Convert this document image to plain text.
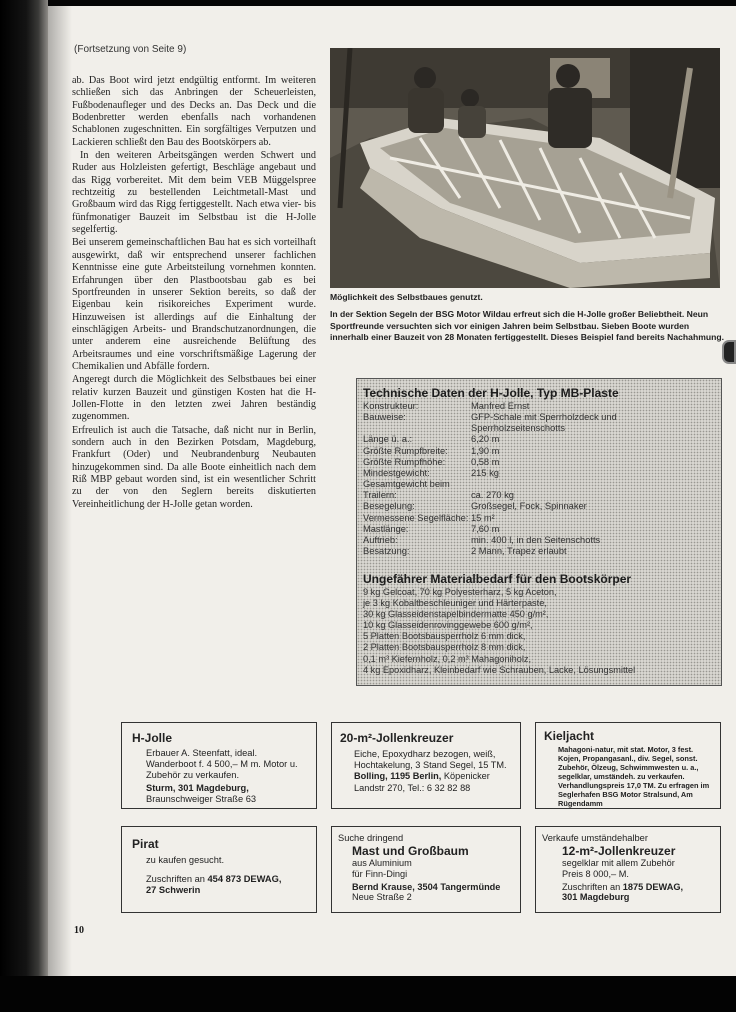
(Fortsetzung von Seite 9)

ab. Das Boot wird jetzt endgültig entformt. Im weiteren schließen sich das Anbringen der Scheuerleisten, Fußbodenaufleger und des Decks an. Das Deck und die Bodenbretter werden ebenfalls nach vorhandenen Schablonen zugeschnitten. Ein sorgfältiges Verputzen und Lackieren schließt den Bau des Bootskörpers ab.

In den weiteren Arbeitsgängen werden Schwert und Ruder aus Holzleisten gefertigt, Beschläge angebaut und das Rigg vorbereitet. Mit dem beim VEB Müggelspree rechtzeitig zu bestellenden Leichtmetall-Mast und Großbaum wird das Rigg fertiggestellt. Nach etwa vier- bis fünfmonatiger Bauzeit im Selbstbau ist die H-Jolle segelfertig.

Bei unserem gemeinschaftlichen Bau hat es sich vorteilhaft ausgewirkt, daß wir entsprechend unserer fachlichen Kenntnisse eine gute Arbeitsteilung vornehmen konnten. Erfahrungen über den Plastbootsbau gab es bei Sportfreunden in unserer Sektion bereits, so daß der Eigenbau kein risikoreiches Experiment wurde. Hinzuweisen ist allerdings auf die Einhaltung der einschlägigen Arbeits- und Brandschutzanordnungen, die unter anderem eine ausreichende Belüftung des Arbeitsraumes und eine vorschriftsmäßige Lagerung der Chemikalien und Abfälle fordern.

Angeregt durch die Möglichkeit des Selbstbaues bei einer relativ kurzen Bauzeit und günstigen Kosten hat die H-Jollen-Flotte in den letzten zwei Jahren beständig zugenommen.

Erfreulich ist auch die Tatsache, daß nicht nur in Berlin, sondern auch in den Bezirken Potsdam, Magdeburg, Frankfurt (Oder) und Neubrandenburg Neubauten hinzugekommen sind. Da alle Boote einheitlich nach dem Riß MBP gebaut worden sind, ist ein wesentlicher Schritt zu der von den Seglern bereits diskutierten Vereinheitlichung der H-Jolle getan worden.

Möglichkeit des Selbstbaues genutzt.
In der Sektion Segeln der BSG Motor Wildau erfreut sich die H-Jolle großer Beliebtheit. Neun Sportfreunde versuchten sich vor einigen Jahren beim Selbstbau. Sieben Boote wurden innerhalb einer Bauzeit von 28 Monaten fertiggestellt. Dieses Beispiel fand bereits Nachahmung.
Technische Daten der H-Jolle, Typ MB-Plaste
Konstrukteur:	Manfred Ernst
Bauweise:	GFP-Schale mit Sperrholzdeck und
Sperrholzseitenschotts
Länge ü. a.:	6,20 m
Größte Rumpfbreite:	1,90 m
Größte Rumpfhöhe:	0,58 m
Mindestgewicht:	215 kg
Gesamtgewicht beim
Trailern:	ca. 270 kg
Besegelung:	Großsegel, Fock, Spinnaker
Vermessene Segelfläche: 15 m²
Mastlänge:	7,60 m
Auftrieb:	min. 400 l, in den Seitenschotts
Besatzung:	2 Mann, Trapez erlaubt
Ungefährer Materialbedarf für den Bootskörper
9 kg Gelcoat, 70 kg Polyesterharz, 5 kg Aceton,
je 3 kg Kobaltbeschleuniger und Härterpaste,
30 kg Glasseidenstapelbindermatte 450 g/m²,
10 kg Glasseidenrovinggewebe 600 g/m²,
5 Platten Bootsbausperrholz 6 mm dick,
2 Platten Bootsbausperrholz 8 mm dick,
0,1 m³ Kiefernholz, 0,2 m³ Mahagoniholz,
4 kg Epoxidharz, Kleinbedarf wie Schrauben, Lacke, Lösungsmittel
H-Jolle
Erbauer A. Steenfatt, ideal. Wanderboot f. 4 500,– M m. Motor u.
Zubehör zu verkaufen.
Sturm, 301 Magdeburg,
Braunschweiger Straße 63
20-m²-Jollenkreuzer
Eiche, Epoxydharz bezogen, weiß, Hochtakelung, 3 Stand Segel, 15 TM. Bolling, 1195 Berlin, Köpenicker Landstr 270, Tel.: 6 32 82 88
Kieljacht
Mahagoni-natur, mit stat. Motor, 3 fest. Kojen, Propangasanl., div. Segel, sonst. Zubehör, Ölzeug, Schwimmwesten u. a., segelklar, umständeh. zu verkaufen. Verhandlungspreis 17,0 TM. Zu erfragen im Seglerhafen BSG Motor Stralsund, Am Rügendamm
Pirat
zu kaufen gesucht.
Zuschriften an 454 873 DEWAG,
27 Schwerin
Suche dringend
Mast und Großbaum
aus Aluminium
für Finn-Dingi
Bernd Krause, 3504 Tangermünde
Neue Straße 2
Verkaufe umständehalber
12-m²-Jollenkreuzer
segelklar mit allem Zubehör
Preis 8 000,– M.
Zuschriften an 1875 DEWAG,
301 Magdeburg
10
